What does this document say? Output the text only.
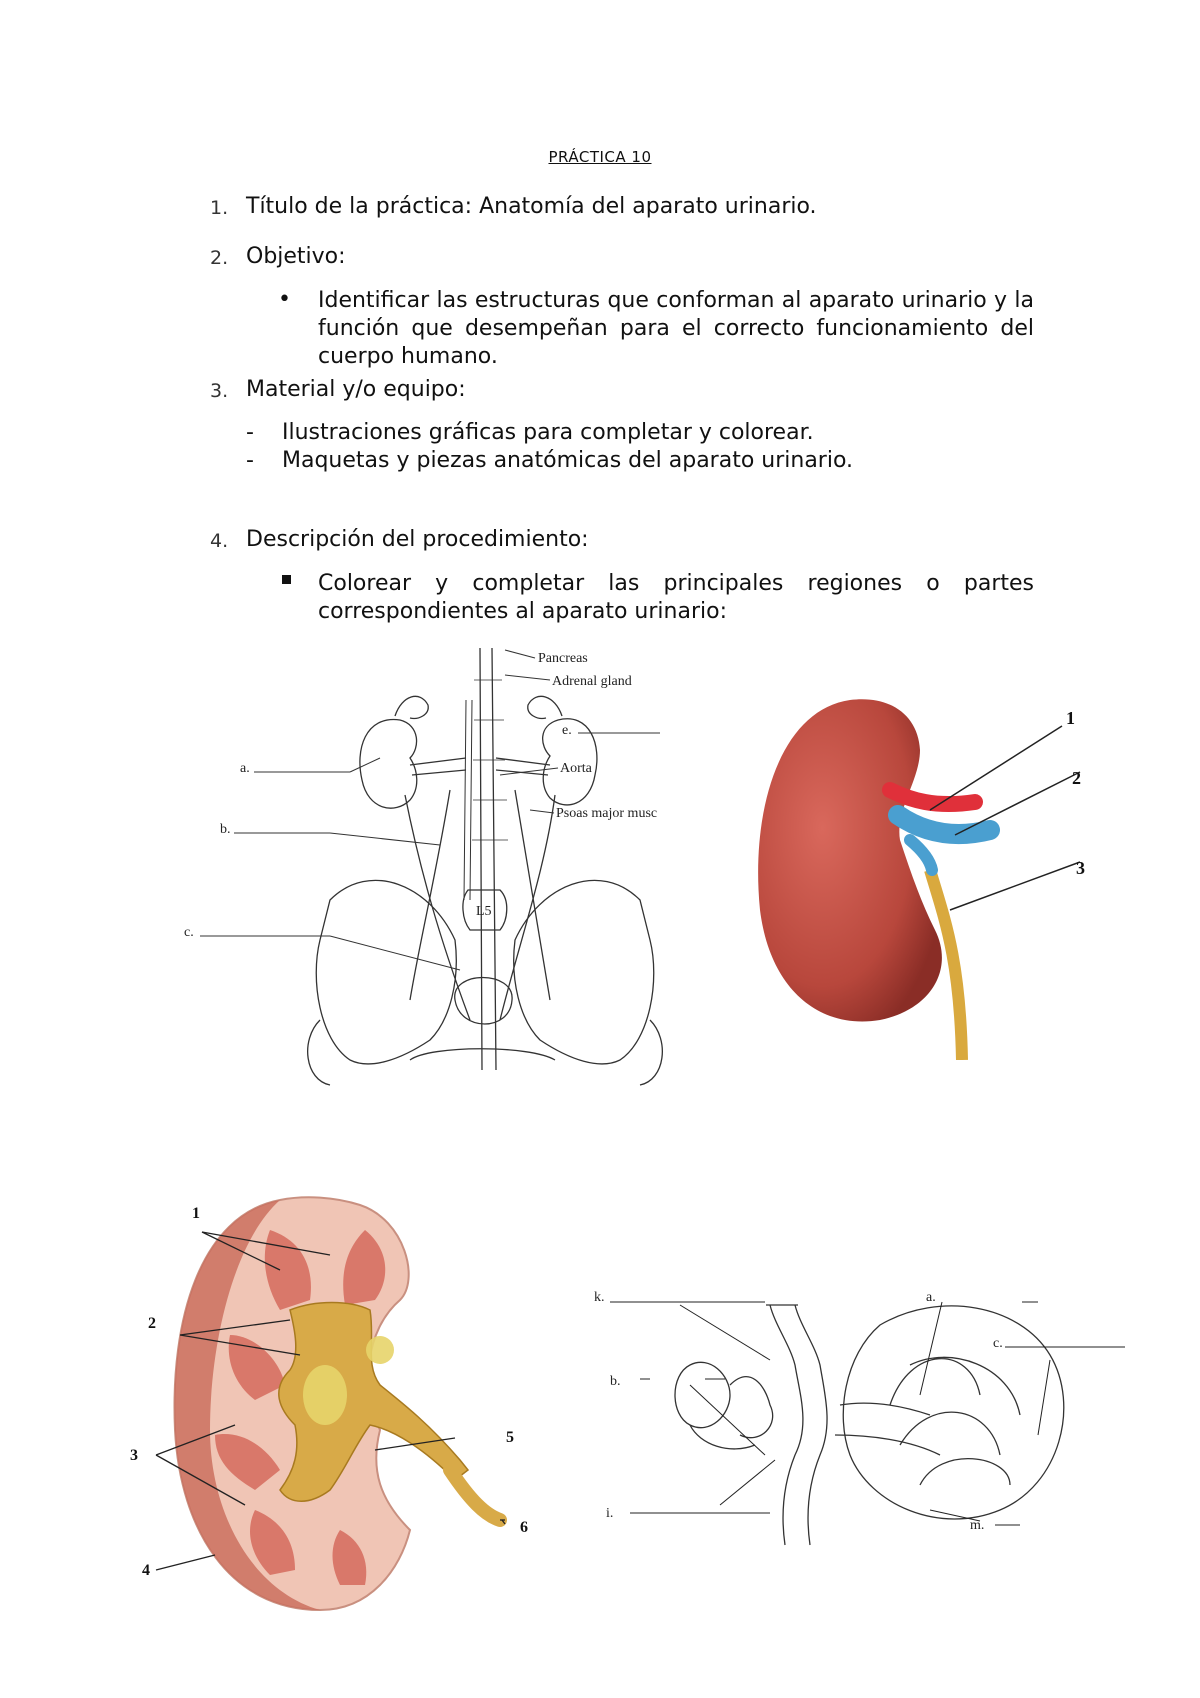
PRÁCTICA 10
1. Título de la práctica: Anatomía del aparato urinario.
2. Objetivo:
• Identificar las estructuras que conforman al aparato urinario y la función que desempeñan para el correcto funcionamiento del cuerpo humano.
3. Material y/o equipo:
- Ilustraciones gráficas para completar y colorear.
- Maquetas y piezas anatómicas del aparato urinario.
4. Descripción del procedimiento:
Colorear y completar las principales regiones o partes correspondientes al aparato urinario:
Pancreas
Adrenal gland
e.
a.	Aorta
Psoas major musc
b.
L5
c.
1
2
3
1
2
3
4
5
6
k.	a.
b.
c.
i.
m.
